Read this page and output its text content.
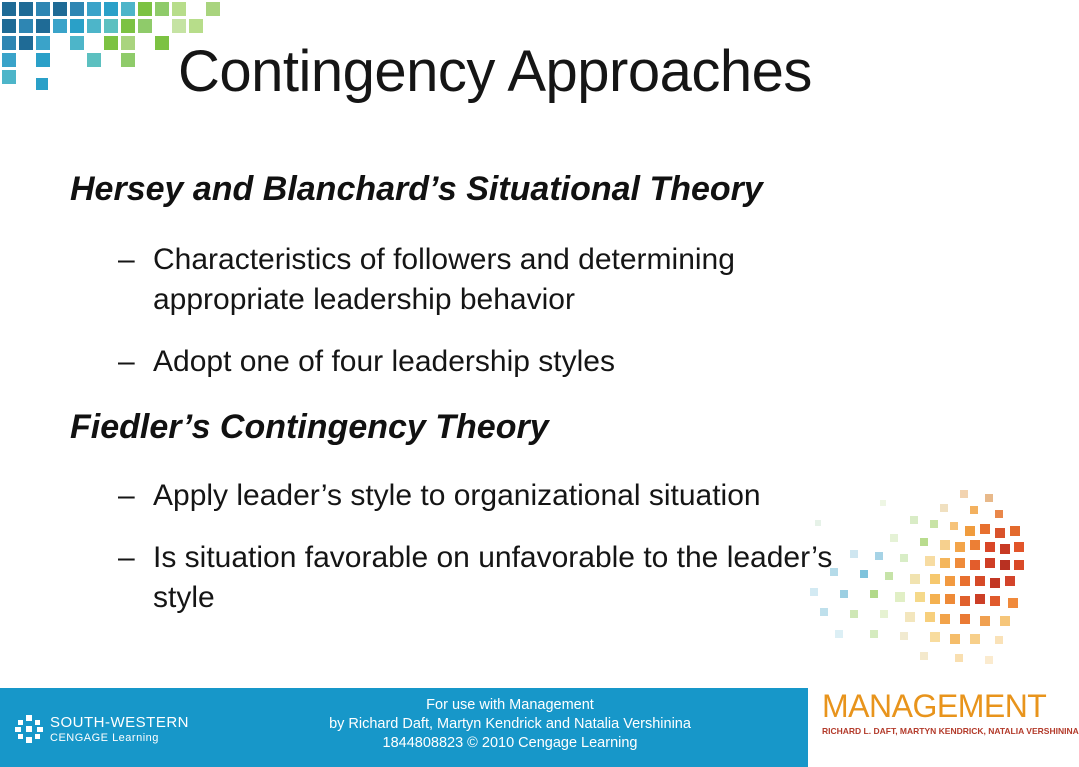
Contingency Approaches
Hersey and Blanchard’s Situational Theory
– Characteristics of followers and determining
appropriate leadership behavior
– Adopt one of four leadership styles
Fiedler’s Contingency Theory
– Apply leader’s style to organizational situation
– Is situation favorable on unfavorable to the leader’s
style
SOUTH-WESTERN
CENGAGE Learning
For use with Management
by Richard Daft, Martyn Kendrick and Natalia Vershinina
1844808823 © 2010 Cengage Learning
MANAGEMENT
RICHARD L. DAFT, MARTYN KENDRICK, NATALIA VERSHININA
